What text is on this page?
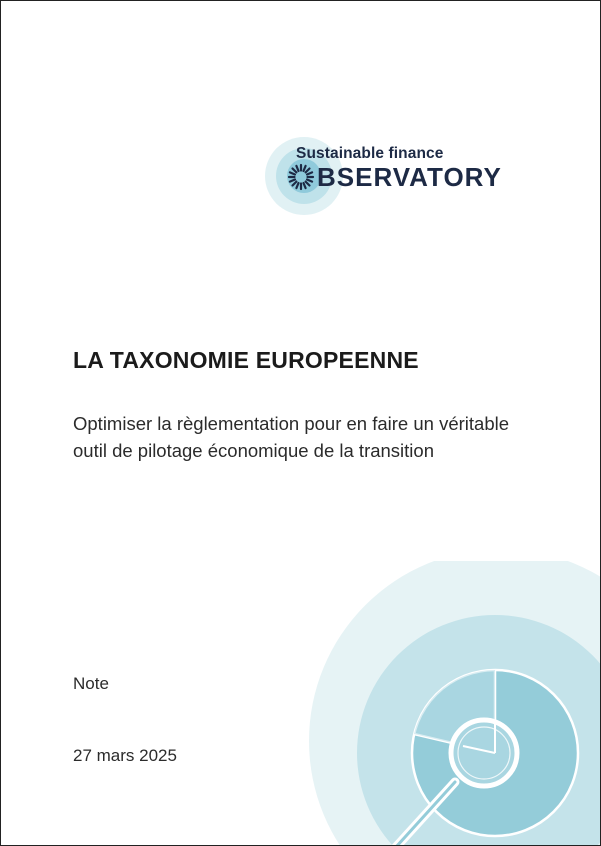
Sustainable finance
BSERVATORY
LA TAXONOMIE EUROPEENNE

Optimiser la règlementation pour en faire un véritable outil de pilotage économique de la transition

Note
27 mars 2025
